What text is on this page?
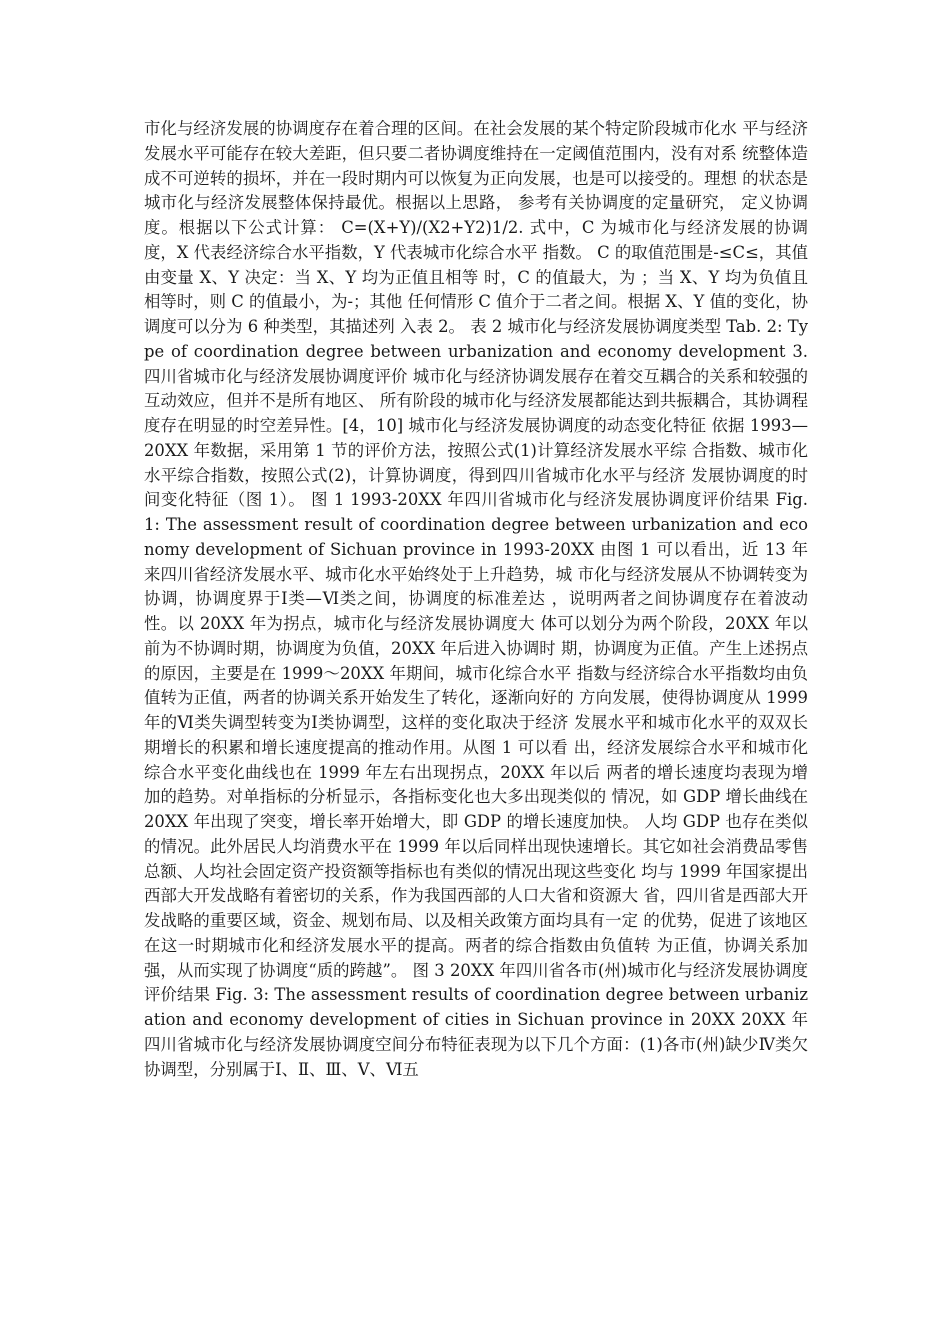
市化与经济发展的协调度存在着合理的区间。在社会发展的某个特定阶段城市化水 平与经济发展水平可能存在较大差距，但只要二者协调度维持在一定阈值范围内，没有对系 统整体造成不可逆转的损坏，并在一段时期内可以恢复为正向发展，也是可以接受的。理想 的状态是城市化与经济发展整体保持最优。根据以上思路， 参考有关协调度的定量研究， 定义协调度。根据以下公式计算： C=(X+Y)/(X2+Y2)1/2. 式中，C 为城市化与经济发展的协调度，X 代表经济综合水平指数，Y 代表城市化综合水平 指数。 C 的取值范围是-≤C≤，其值由变量 X、Y 决定：当 X、Y 均为正值且相等 时，C 的值最大，为 ；当 X、Y 均为负值且相等时，则 C 的值最小，为-；其他 任何情形 C 值介于二者之间。根据 X、Y 值的变化，协调度可以分为 6 种类型，其描述列 入表 2。 表 2 城市化与经济发展协调度类型 Tab. 2: Type of coordination degree between urbanization and economy development 3.四川省城市化与经济发展协调度评价 城市化与经济协调发展存在着交互耦合的关系和较强的互动效应，但并不是所有地区、 所有阶段的城市化与经济发展都能达到共振耦合，其协调程度存在明显的时空差异性。[4，10] 城市化与经济发展协调度的动态变化特征 依据 1993—20XX 年数据，采用第 1 节的评价方法，按照公式(1)计算经济发展水平综 合指数、城市化水平综合指数，按照公式(2)，计算协调度，得到四川省城市化水平与经济 发展协调度的时间变化特征（图 1）。 图 1 1993-20XX 年四川省城市化与经济发展协调度评价结果 Fig. 1: The assessment result of coordination degree between urbanization and economy development of Sichuan province in 1993-20XX 由图 1 可以看出，近 13 年来四川省经济发展水平、城市化水平始终处于上升趋势，城 市化与经济发展从不协调转变为协调，协调度界于Ⅰ类—Ⅵ类之间，协调度的标准差达 ，说明两者之间协调度存在着波动性。以 20XX 年为拐点，城市化与经济发展协调度大 体可以划分为两个阶段，20XX 年以前为不协调时期，协调度为负值，20XX 年后进入协调时 期，协调度为正值。产生上述拐点的原因，主要是在 1999～20XX 年期间，城市化综合水平 指数与经济综合水平指数均由负值转为正值，两者的协调关系开始发生了转化，逐渐向好的 方向发展，使得协调度从 1999 年的Ⅵ类失调型转变为Ⅰ类协调型，这样的变化取决于经济 发展水平和城市化水平的双双长期增长的积累和增长速度提高的推动作用。从图 1 可以看 出，经济发展综合水平和城市化综合水平变化曲线也在 1999 年左右出现拐点，20XX 年以后 两者的增长速度均表现为增加的趋势。对单指标的分析显示，各指标变化也大多出现类似的 情况，如 GDP 增长曲线在 20XX 年出现了突变，增长率开始增大，即 GDP 的增长速度加快。 人均 GDP 也存在类似的情况。此外居民人均消费水平在 1999 年以后同样出现快速增长。其它如社会消费品零售总额、人均社会固定资产投资额等指标也有类似的情况出现这些变化 均与 1999 年国家提出西部大开发战略有着密切的关系，作为我国西部的人口大省和资源大 省，四川省是西部大开发战略的重要区域，资金、规划布局、以及相关政策方面均具有一定 的优势，促进了该地区在这一时期城市化和经济发展水平的提高。两者的综合指数由负值转 为正值，协调关系加强，从而实现了协调度“质的跨越”。 图 3 20XX 年四川省各市(州)城市化与经济发展协调度评价结果 Fig. 3: The assessment results of coordination degree between urbanization and economy development of cities in Sichuan province in 20XX 20XX 年四川省城市化与经济发展协调度空间分布特征表现为以下几个方面：(1)各市(州)缺少Ⅳ类欠协调型，分别属于Ⅰ、Ⅱ、Ⅲ、Ⅴ、Ⅵ五
